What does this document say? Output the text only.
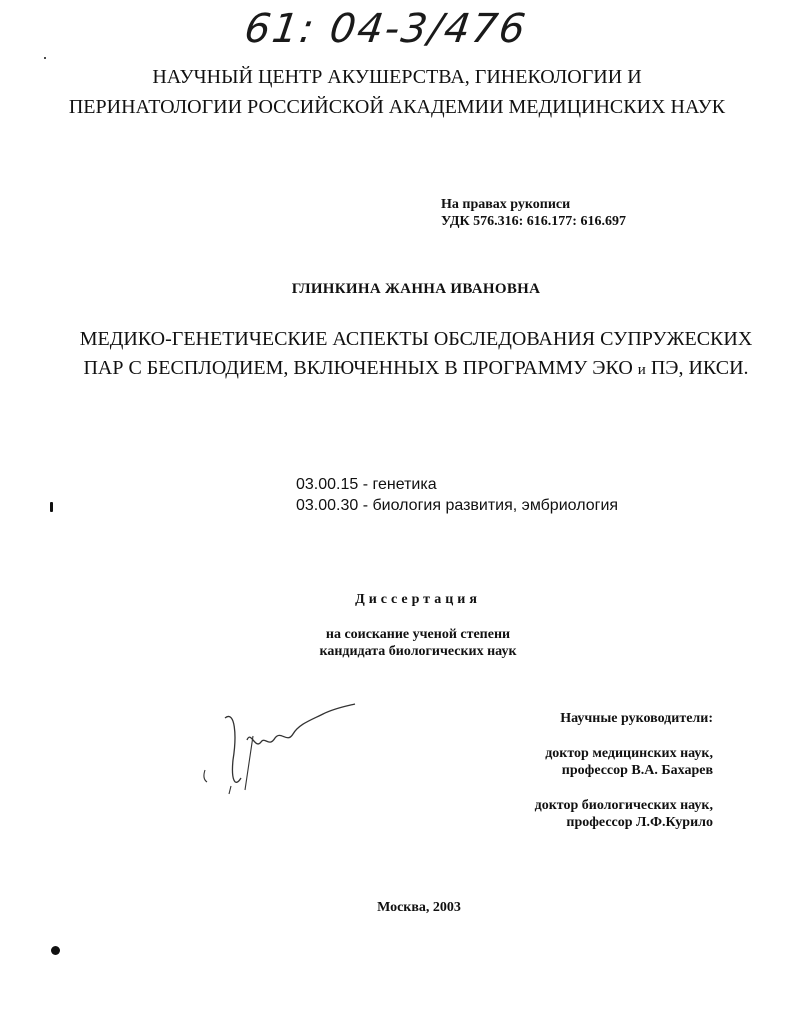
61: 04-3/476
НАУЧНЫЙ ЦЕНТР АКУШЕРСТВА, ГИНЕКОЛОГИИ И
ПЕРИНАТОЛОГИИ РОССИЙСКОЙ АКАДЕМИИ МЕДИЦИНСКИХ НАУК
На правах рукописи
УДК 576.316: 616.177: 616.697
ГЛИНКИНА ЖАННА ИВАНОВНА
МЕДИКО-ГЕНЕТИЧЕСКИЕ АСПЕКТЫ ОБСЛЕДОВАНИЯ СУПРУЖЕСКИХ
ПАР С БЕСПЛОДИЕМ, ВКЛЮЧЕННЫХ В ПРОГРАММУ ЭКО и ПЭ, ИКСИ.
03.00.15 - генетика
03.00.30 - биология развития, эмбриология
Диссертация
на соискание ученой степени
кандидата биологических наук
Научные руководители:
доктор медицинских наук,
профессор В.А. Бахарев
доктор биологических наук,
профессор Л.Ф.Курило
Москва, 2003
